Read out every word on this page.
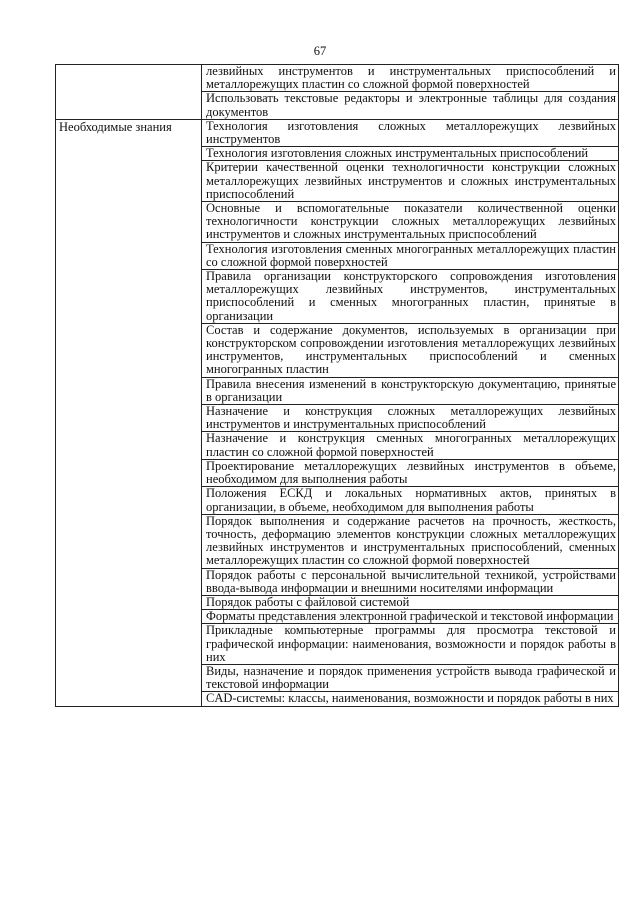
67

	лезвийных инструментов и инструментальных приспособлений и металлорежущих пластин со сложной формой поверхностей

	Использовать текстовые редакторы и электронные таблицы для создания документов

Необходимые знания	Технология изготовления сложных металлорежущих лезвийных инструментов

	Технология изготовления сложных инструментальных приспособлений

	Критерии качественной оценки технологичности конструкции сложных металлорежущих лезвийных инструментов и сложных инструментальных приспособлений

	Основные и вспомогательные показатели количественной оценки технологичности конструкции сложных металлорежущих лезвийных инструментов и сложных инструментальных приспособлений

	Технология изготовления сменных многогранных металлорежущих пластин со сложной формой поверхностей

	Правила организации конструкторского сопровождения изготовления металлорежущих лезвийных инструментов, инструментальных приспособлений и сменных многогранных пластин, принятые в организации

	Состав и содержание документов, используемых в организации при конструкторском сопровождении изготовления металлорежущих лезвийных инструментов, инструментальных приспособлений и сменных многогранных пластин

	Правила внесения изменений в конструкторскую документацию, принятые в организации

	Назначение и конструкция сложных металлорежущих лезвийных инструментов и инструментальных приспособлений

	Назначение и конструкция сменных многогранных металлорежущих пластин со сложной формой поверхностей

	Проектирование металлорежущих лезвийных инструментов в объеме, необходимом для выполнения работы

	Положения ЕСКД и локальных нормативных актов, принятых в организации, в объеме, необходимом для выполнения работы

	Порядок выполнения и содержание расчетов на прочность, жесткость, точность, деформацию элементов конструкции сложных металлорежущих лезвийных инструментов и инструментальных приспособлений, сменных металлорежущих пластин со сложной формой поверхностей

	Порядок работы с персональной вычислительной техникой, устройствами ввода-вывода информации и внешними носителями информации

	Порядок работы с файловой системой

	Форматы представления электронной графической и текстовой информации

	Прикладные компьютерные программы для просмотра текстовой и графической информации: наименования, возможности и порядок работы в них

	Виды, назначение и порядок применения устройств вывода графической и текстовой информации

	CAD-системы: классы, наименования, возможности и порядок работы в них
